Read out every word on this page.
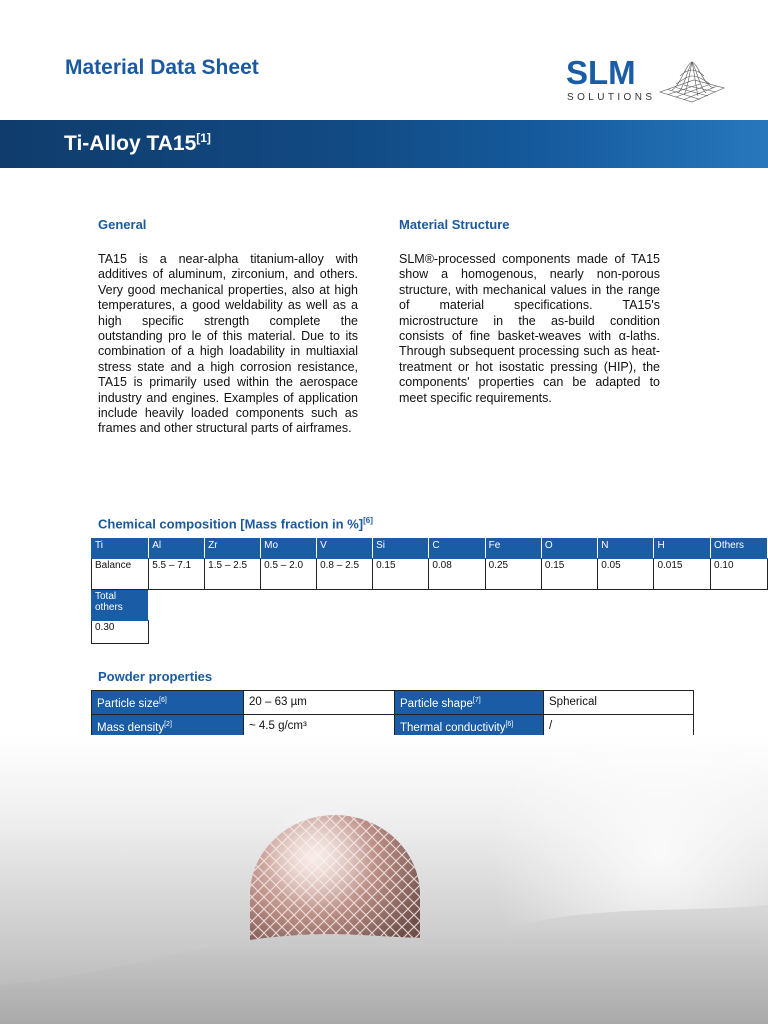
Material Data Sheet	SLM
SOLUTIONS
Ti-Alloy TA15[1]
General
TA15 is a near-alpha titanium-alloy with additives of aluminum, zirconium, and others. Very good mechanical properties, also at high temperatures, a good weldability as well as a high specific strength complete the outstanding pro le of this material. Due to its combination of a high loadability in multiaxial stress state and a high corrosion resistance, TA15 is primarily used within the aerospace industry and engines. Examples of application include heavily loaded components such as frames and other structural parts of airframes.
Material Structure
SLM®-processed components made of TA15 show a homogenous, nearly non-porous structure, with mechanical values in the range of material specifications. TA15's microstructure in the as-build condition consists of fine basket-weaves with α-laths. Through subsequent processing such as heat-treatment or hot isostatic pressing (HIP), the components' properties can be adapted to meet specific requirements.
Chemical composition [Mass fraction in %][6]
Ti	Al	Zr	Mo	V	Si	C	Fe	O	N	H	Others
Balance	5.5 – 7.1	1.5 – 2.5	0.5 – 2.0	0.8 – 2.5	0.15	0.08	0.25	0.15	0.05	0.015	0.10
Total others											
0.30											
Powder properties
Particle size[6]	20 – 63 µm	Particle shape[7]	Spherical
Mass density[2]	~ 4.5 g/cm³	Thermal conductivity[6]	/
